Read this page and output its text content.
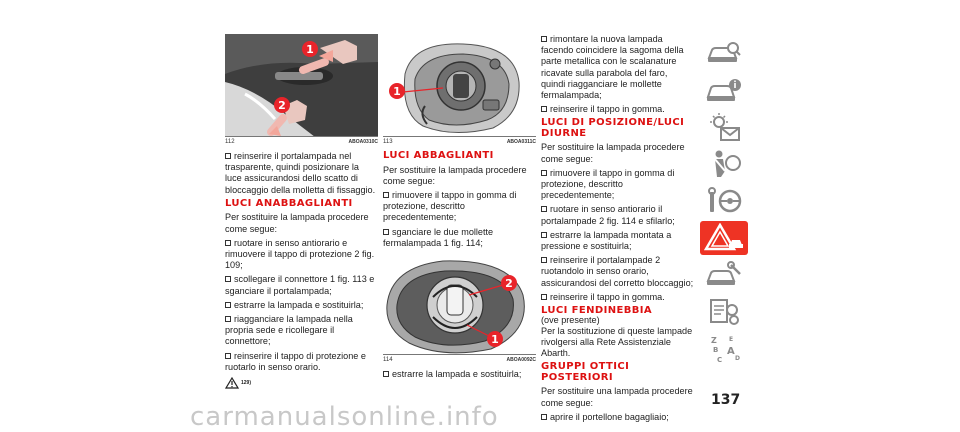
1
2
112	ABOA0310C

reinserire il portalampada nel trasparente, quindi posizionare la luce assicurandosi dello scatto di bloccaggio della molletta di fissaggio.

LUCI ANABBAGLIANTI

Per sostituire la lampada procedere come segue:

ruotare in senso antiorario e rimuovere il tappo di protezione 2 fig. 109;

scollegare il connettore 1 fig. 113 e sganciare il portalampada;

estrarre la lampada e sostituirla;

riagganciare la lampada nella propria sede e ricollegare il connettore;

reinserire il tappo di protezione e ruotarlo in senso orario.

129)
1
113	ABOA0311C
LUCI ABBAGLIANTI

Per sostituire la lampada procedere come segue:

rimuovere il tappo in gomma di protezione, descritto precedentemente;

sganciare le due mollette fermalampada 1 fig. 114;

2
1
114	ABOA0092C

estrarre la lampada e sostituirla;

rimontare la nuova lampada facendo coincidere la sagoma della parte metallica con le scalanature ricavate sulla parabola del faro, quindi riagganciare le mollette fermalampada;

reinserire il tappo in gomma.

LUCI DI POSIZIONE/LUCI DIURNE

Per sostituire la lampada procedere come segue:

rimuovere il tappo in gomma di protezione, descritto precedentemente;

ruotare in senso antiorario il portalampade 2 fig. 114 e sfilarlo;

estrarre la lampada montata a pressione e sostituirla;

reinserire il portalampade 2 ruotandolo in senso orario, assicurandosi del corretto bloccaggio;

reinserire il tappo in gomma.

LUCI FENDINEBBIA

(ove presente)

Per la sostituzione di queste lampade rivolgersi alla Rete Assistenziale Abarth.

GRUPPI OTTICI POSTERIORI

Per sostituire una lampada procedere come segue:

aprire il portellone bagagliaio;

Z E
B A
C D
137
carmanualsonline.info
